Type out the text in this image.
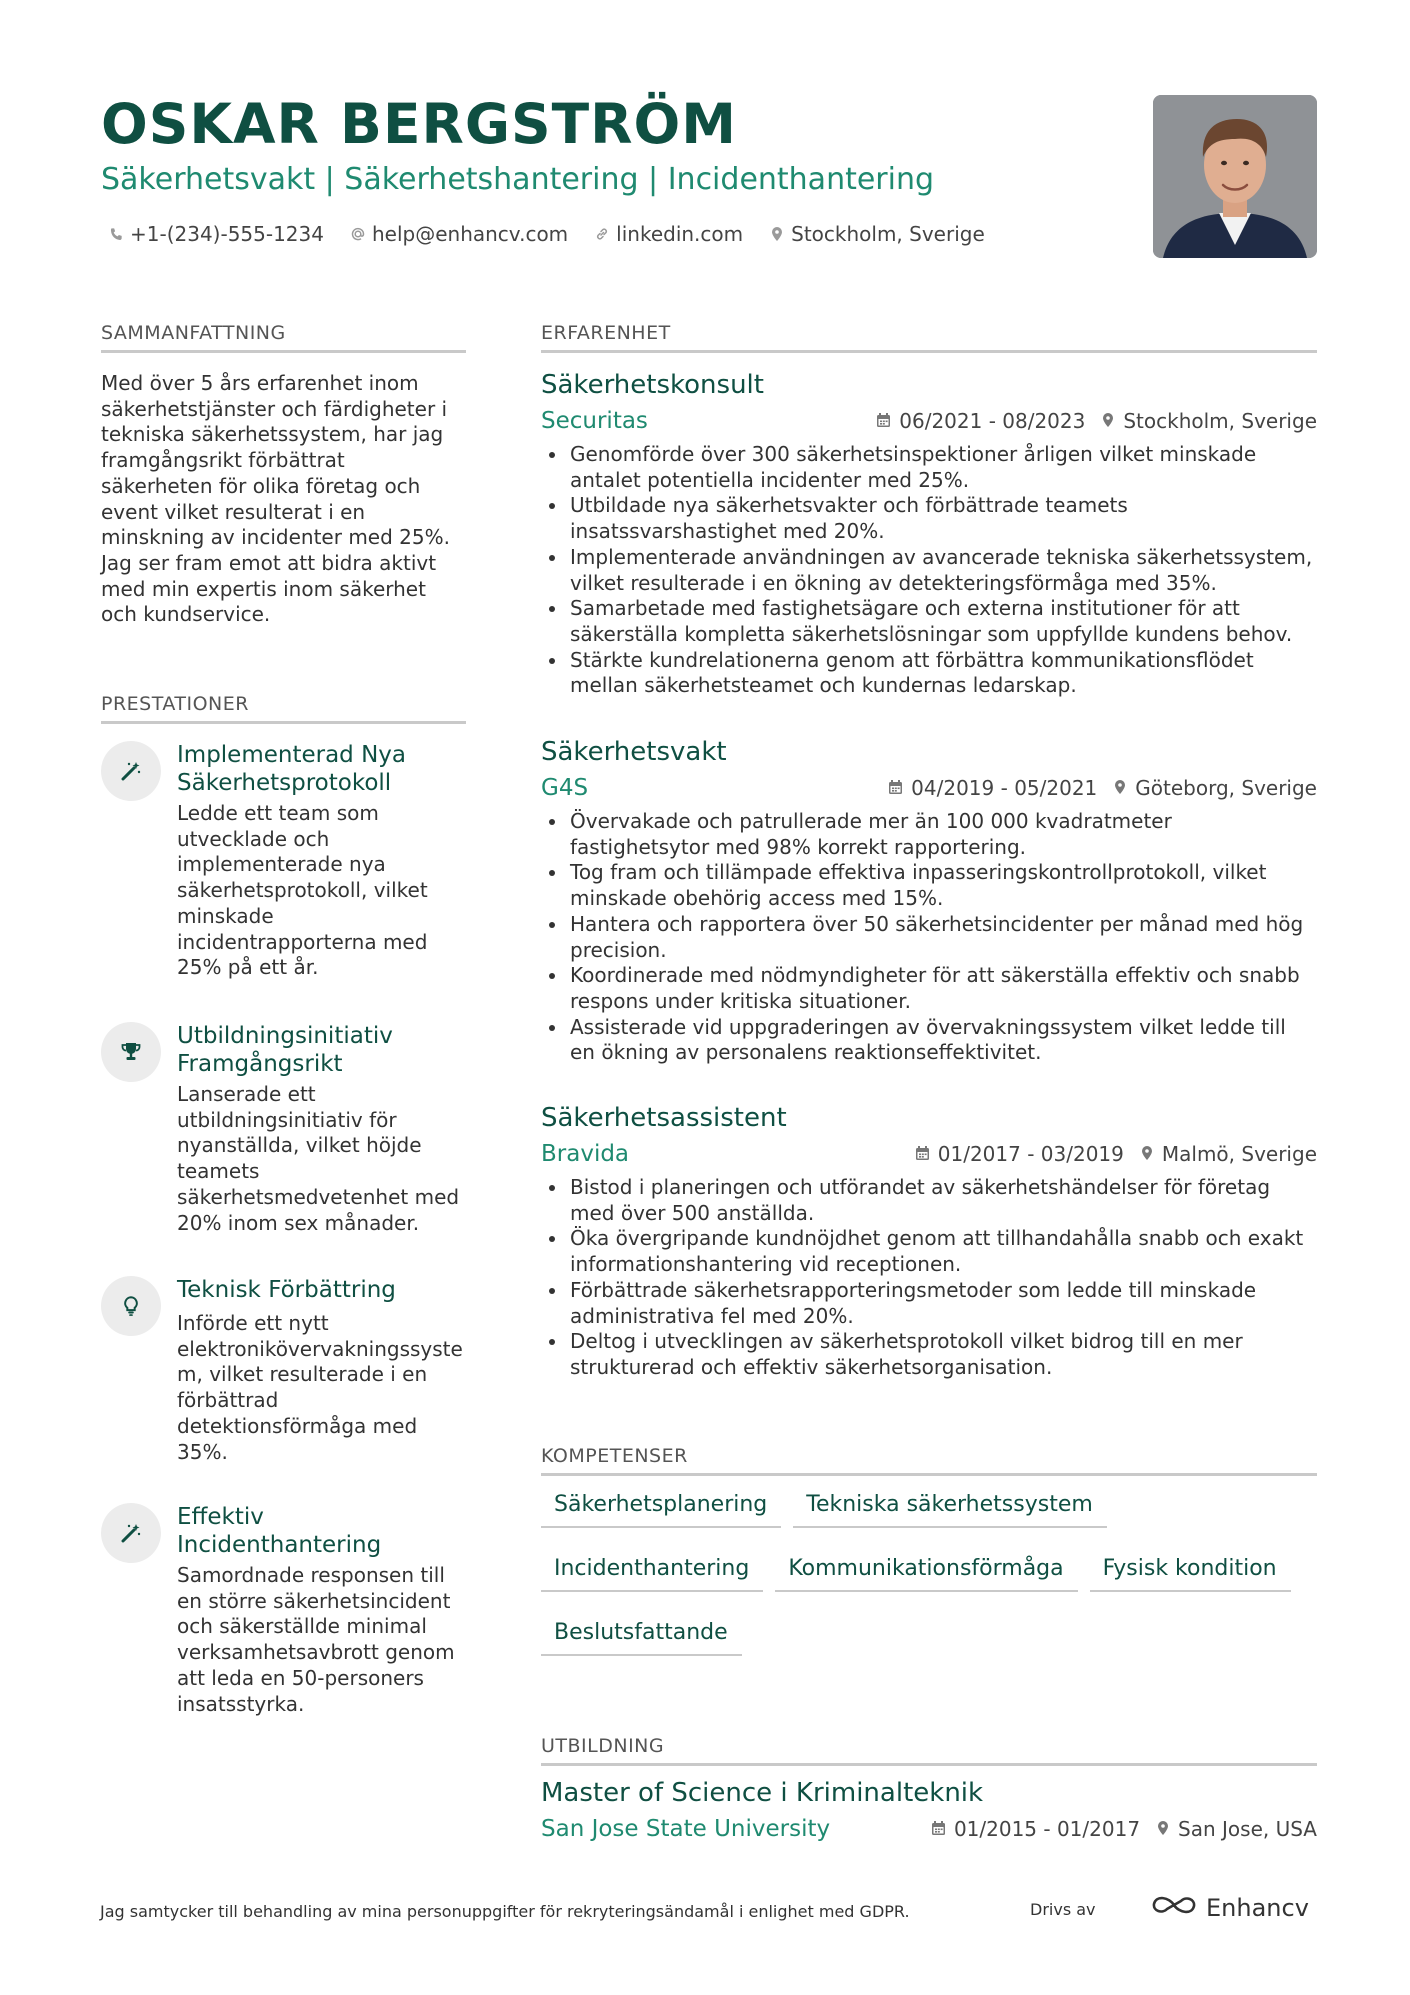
OSKAR BERGSTRÖM
Säkerhetsvakt | Säkerhetshantering | Incidenthantering
+1-(234)-555-1234 help@enhancv.com linkedin.com Stockholm, Sverige
SAMMANFATTNING
Med över 5 års erfarenhet inom säkerhetstjänster och färdigheter i tekniska säkerhetssystem, har jag framgångsrikt förbättrat säkerheten för olika företag och event vilket resulterat i en minskning av incidenter med 25%. Jag ser fram emot att bidra aktivt med min expertis inom säkerhet och kundservice.
PRESTATIONER
Implementerad Nya Säkerhetsprotokoll
Ledde ett team som utvecklade och implementerade nya säkerhetsprotokoll, vilket minskade incidentrapporterna med 25% på ett år.
Utbildningsinitiativ Framgångsrikt
Lanserade ett utbildningsinitiativ för nyanställda, vilket höjde teamets säkerhetsmedvetenhet med 20% inom sex månader.
Teknisk Förbättring
Införde ett nytt elektronikövervakningssyste m, vilket resulterade i en förbättrad detektionsförmåga med 35%.
Effektiv Incidenthantering
Samordnade responsen till en större säkerhetsincident och säkerställde minimal verksamhetsavbrott genom att leda en 50-personers insatsstyrka.
ERFARENHET
Säkerhetskonsult
Securitas	06/2021 - 08/2023 Stockholm, Sverige
Genomförde över 300 säkerhetsinspektioner årligen vilket minskade antalet potentiella incidenter med 25%.
Utbildade nya säkerhetsvakter och förbättrade teamets insatssvarshastighet med 20%.
Implementerade användningen av avancerade tekniska säkerhetssystem, vilket resulterade i en ökning av detekteringsförmåga med 35%.
Samarbetade med fastighetsägare och externa institutioner för att säkerställa kompletta säkerhetslösningar som uppfyllde kundens behov.
Stärkte kundrelationerna genom att förbättra kommunikationsflödet mellan säkerhetsteamet och kundernas ledarskap.
Säkerhetsvakt
G4S	04/2019 - 05/2021 Göteborg, Sverige
Övervakade och patrullerade mer än 100 000 kvadratmeter fastighetsytor med 98% korrekt rapportering.
Tog fram och tillämpade effektiva inpasseringskontrollprotokoll, vilket minskade obehörig access med 15%.
Hantera och rapportera över 50 säkerhetsincidenter per månad med hög precision.
Koordinerade med nödmyndigheter för att säkerställa effektiv och snabb respons under kritiska situationer.
Assisterade vid uppgraderingen av övervakningssystem vilket ledde till en ökning av personalens reaktionseffektivitet.
Säkerhetsassistent
Bravida	01/2017 - 03/2019 Malmö, Sverige
Bistod i planeringen och utförandet av säkerhetshändelser för företag med över 500 anställda.
Öka övergripande kundnöjdhet genom att tillhandahålla snabb och exakt informationshantering vid receptionen.
Förbättrade säkerhetsrapporteringsmetoder som ledde till minskade administrativa fel med 20%.
Deltog i utvecklingen av säkerhetsprotokoll vilket bidrog till en mer strukturerad och effektiv säkerhetsorganisation.
KOMPETENSER
Säkerhetsplanering	Tekniska säkerhetssystem
Incidenthantering	Kommunikationsförmåga	Fysisk kondition
Beslutsfattande
UTBILDNING
Master of Science i Kriminalteknik
San Jose State University	01/2015 - 01/2017 San Jose, USA
Jag samtycker till behandling av mina personuppgifter för rekryteringsändamål i enlighet med GDPR.	Drivs av	Enhancv
